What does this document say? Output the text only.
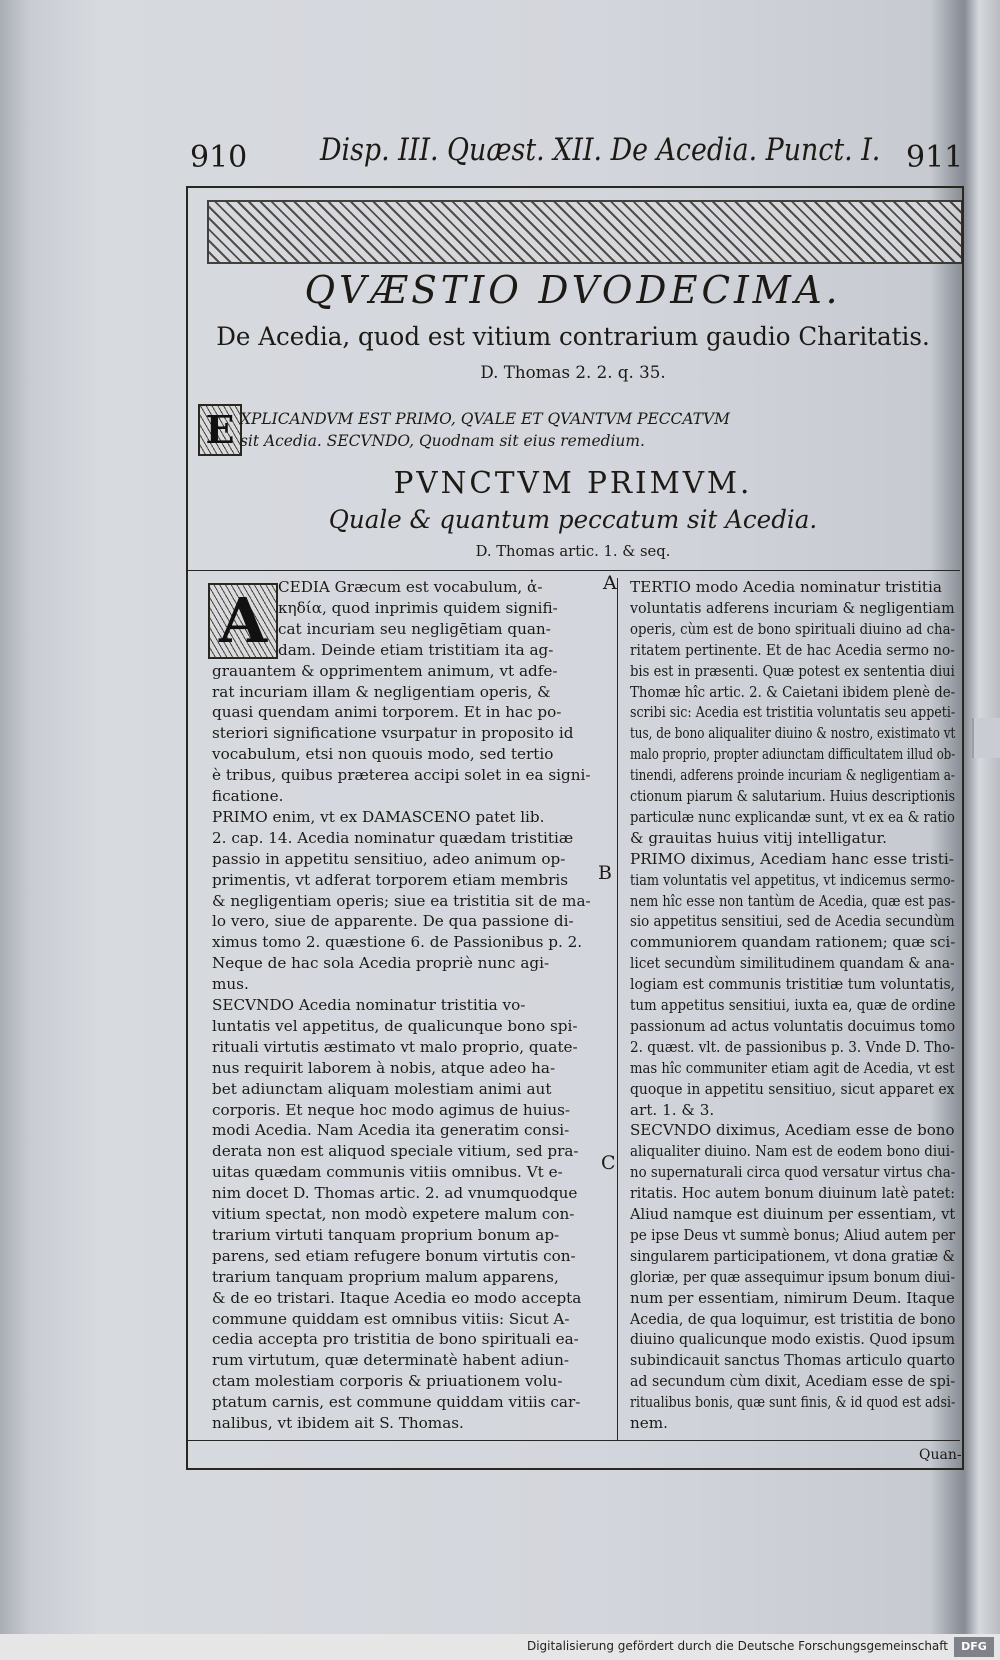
910 Disp. III. Quæst. XII. De Acedia. Punct. I. 911
QVÆSTIO DVODECIMA.
De Acedia, quod est vitium contrarium gaudio Charitatis.
D. Thomas 2. 2. q. 35.
E XPLICANDVM EST PRIMO, QVALE ET QVANTVM PECCATVM
sit Acedia. SECVNDO, Quodnam sit eius remedium.
PVNCTVM PRIMVM.
Quale & quantum peccatum sit Acedia.
D. Thomas artic. 1. & seq.
A CEDIA Græcum est vocabulum, ἀ-
κηδία, quod inprimis quidem signifi-
cat incuriam seu negligētiam quan-
dam. Deinde etiam tristitiam ita ag-
grauantem & opprimentem animum, vt adfe-
rat incuriam illam & negligentiam operis, &
quasi quendam animi torporem. Et in hac po-
steriori significatione vsurpatur in proposito id
vocabulum, etsi non quouis modo, sed tertio
è tribus, quibus præterea accipi solet in ea signi-
ficatione.
PRIMO enim, vt ex DAMASCENO patet lib.
2. cap. 14. Acedia nominatur quædam tristitiæ
passio in appetitu sensitiuo, adeo animum op-
primentis, vt adferat torporem etiam membris
& negligentiam operis; siue ea tristitia sit de ma-
lo vero, siue de apparente. De qua passione di-
ximus tomo 2. quæstione 6. de Passionibus p. 2.
Neque de hac sola Acedia propriè nunc agi-
mus.
SECVNDO Acedia nominatur tristitia vo-
luntatis vel appetitus, de qualicunque bono spi-
rituali virtutis æstimato vt malo proprio, quate-
nus requirit laborem à nobis, atque adeo ha-
bet adiunctam aliquam molestiam animi aut
corporis. Et neque hoc modo agimus de huius-
modi Acedia. Nam Acedia ita generatim consi-
derata non est aliquod speciale vitium, sed pra-
uitas quædam communis vitiis omnibus. Vt e-
nim docet D. Thomas artic. 2. ad vnumquodque
vitium spectat, non modò expetere malum con-
trarium virtuti tanquam proprium bonum ap-
parens, sed etiam refugere bonum virtutis con-
trarium tanquam proprium malum apparens,
& de eo tristari. Itaque Acedia eo modo accepta
commune quiddam est omnibus vitiis: Sicut A-
cedia accepta pro tristitia de bono spirituali ea-
rum virtutum, quæ determinatè habent adiun-
ctam molestiam corporis & priuationem volu-
ptatum carnis, est commune quiddam vitiis car-
nalibus, vt ibidem ait S. Thomas.
TERTIO modo Acedia nominatur tristitia
voluntatis adferens incuriam & negligentiam
operis, cùm est de bono spirituali diuino ad cha-
ritatem pertinente. Et de hac Acedia sermo no-
bis est in præsenti. Quæ potest ex sententia diui
Thomæ hîc artic. 2. & Caietani ibidem plenè de-
scribi sic: Acedia est tristitia voluntatis seu appeti-
tus, de bono aliqualiter diuino & nostro, existimato vt
malo proprio, propter adiunctam difficultatem illud ob-
tinendi, adferens proinde incuriam & negligentiam a-
ctionum piarum & salutarium. Huius descriptionis
particulæ nunc explicandæ sunt, vt ex ea & ratio
& grauitas huius vitij intelligatur.
PRIMO diximus, Acediam hanc esse tristi-
tiam voluntatis vel appetitus, vt indicemus sermo-
nem hîc esse non tantùm de Acedia, quæ est pas-
sio appetitus sensitiui, sed de Acedia secundùm
communiorem quandam rationem; quæ sci-
licet secundùm similitudinem quandam & ana-
logiam est communis tristitiæ tum voluntatis,
tum appetitus sensitiui, iuxta ea, quæ de ordine
passionum ad actus voluntatis docuimus tomo
2. quæst. vlt. de passionibus p. 3. Vnde D. Tho-
mas hîc communiter etiam agit de Acedia, vt est
quoque in appetitu sensitiuo, sicut apparet ex
art. 1. & 3.
SECVNDO diximus, Acediam esse de bono
aliqualiter diuino. Nam est de eodem bono diui-
no supernaturali circa quod versatur virtus cha-
ritatis. Hoc autem bonum diuinum latè patet:
Aliud namque est diuinum per essentiam, vt
pe ipse Deus vt summè bonus; Aliud autem per
singularem participationem, vt dona gratiæ &
gloriæ, per quæ assequimur ipsum bonum diui-
num per essentiam, nimirum Deum. Itaque
Acedia, de qua loquimur, est tristitia de bono
diuino qualicunque modo existis. Quod ipsum
subindicauit sanctus Thomas articulo quarto
ad secundum cùm dixit, Acediam esse de spi-
ritualibus bonis, quæ sunt finis, & id quod est adsi-
nem.
A
B
C
Quan-
Digitalisierung gefördert durch die Deutsche Forschungsgemeinschaft	DFG
